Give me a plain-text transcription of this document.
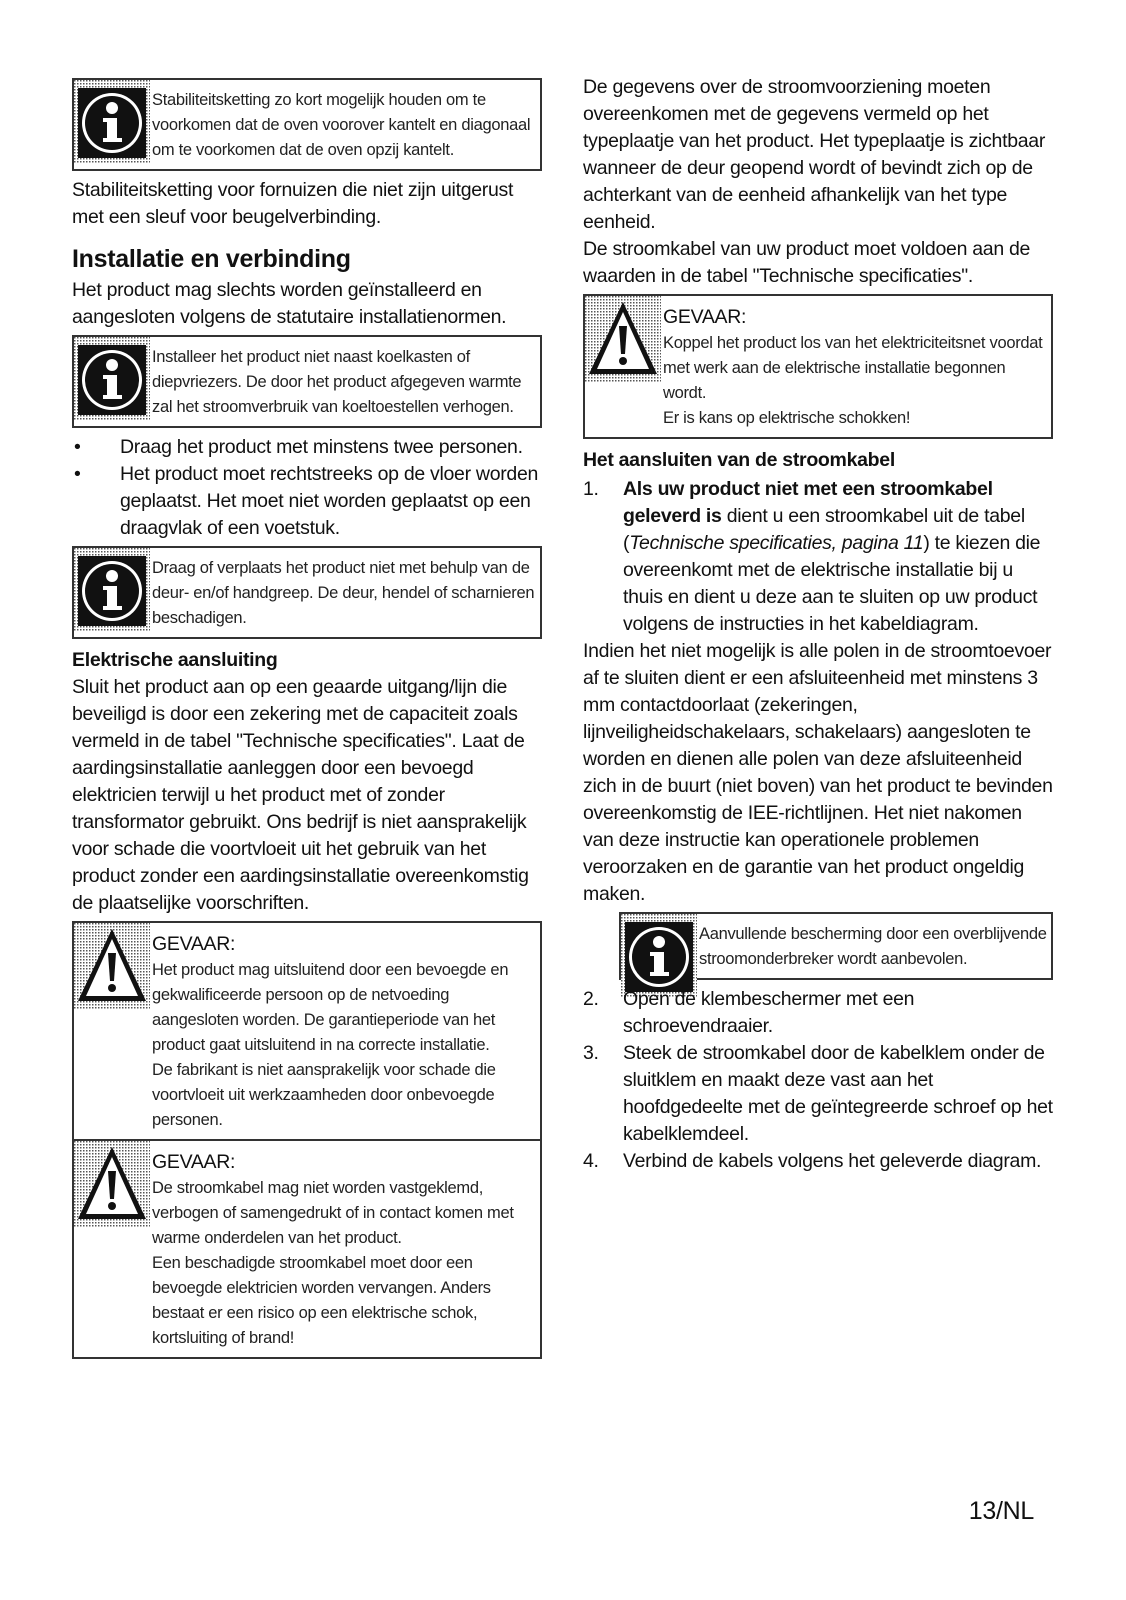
Stabiliteitsketting zo kort mogelijk houden om te voorkomen dat de oven voorover kantelt en diagonaal om te voorkomen dat de oven opzij kantelt.

Stabiliteitsketting voor fornuizen die niet zijn uitgerust met een sleuf voor beugelverbinding.

Installatie en verbinding

Het product mag slechts worden geïnstalleerd en aangesloten volgens de statutaire installatienormen.

Installeer het product niet naast koelkasten of diepvriezers. De door het product afgegeven warmte zal het stroomverbruik van koeltoestellen verhogen.
• Draag het product met minstens twee personen.
• Het product moet rechtstreeks op de vloer worden geplaatst. Het moet niet worden geplaatst op een draagvlak of een voetstuk.
Draag of verplaats het product niet met behulp van de deur- en/of handgreep. De deur, hendel of scharnieren beschadigen.
Elektrische aansluiting

Sluit het product aan op een geaarde uitgang/lijn die beveiligd is door een zekering met de capaciteit zoals vermeld in de tabel "Technische specificaties". Laat de aardingsinstallatie aanleggen door een bevoegd elektricien terwijl u het product met of zonder transformator gebruikt. Ons bedrijf is niet aansprakelijk voor schade die voortvloeit uit het gebruik van het product zonder een aardingsinstallatie overeenkomstig de plaatselijke voorschriften.

GEVAAR:
Het product mag uitsluitend door een bevoegde en gekwalificeerde persoon op de netvoeding aangesloten worden. De garantieperiode van het product gaat uitsluitend in na correcte installatie.
De fabrikant is niet aansprakelijk voor schade die voortvloeit uit werkzaamheden door onbevoegde personen.
GEVAAR:
De stroomkabel mag niet worden vastgeklemd, verbogen of samengedrukt of in contact komen met warme onderdelen van het product.
Een beschadigde stroomkabel moet door een bevoegde elektricien worden vervangen. Anders bestaat er een risico op een elektrische schok, kortsluiting of brand!

De gegevens over de stroomvoorziening moeten overeenkomen met de gegevens vermeld op het typeplaatje van het product. Het typeplaatje is zichtbaar wanneer de deur geopend wordt of bevindt zich op de achterkant van de eenheid afhankelijk van het type eenheid.

De stroomkabel van uw product moet voldoen aan de waarden in de tabel "Technische specificaties".

GEVAAR:
Koppel het product los van het elektriciteitsnet voordat met werk aan de elektrische installatie begonnen wordt.
Er is kans op elektrische schokken!
Het aansluiten van de stroomkabel
1. Als uw product niet met een stroomkabel geleverd is dient u een stroomkabel uit de tabel (Technische specificaties, pagina 11) te kiezen die overeenkomt met de elektrische installatie bij u thuis en dient u deze aan te sluiten op uw product volgens de instructies in het kabeldiagram.

Indien het niet mogelijk is alle polen in de stroomtoevoer af te sluiten dient er een afsluiteenheid met minstens 3 mm contactdoorlaat (zekeringen, lijnveiligheidschakelaars, schakelaars) aangesloten te worden en dienen alle polen van deze afsluiteenheid zich in de buurt (niet boven) van het product te bevinden overeenkomstig de IEE-richtlijnen. Het niet nakomen van deze instructie kan operationele problemen veroorzaken en de garantie van het product ongeldig maken.

Aanvullende bescherming door een overblijvende stroomonderbreker wordt aanbevolen.
2. Open de klembeschermer met een schroevendraaier.
3. Steek de stroomkabel door de kabelklem onder de sluitklem en maakt deze vast aan het hoofdgedeelte met de geïntegreerde schroef op het kabelklemdeel.
4. Verbind de kabels volgens het geleverde diagram.
13/NL
